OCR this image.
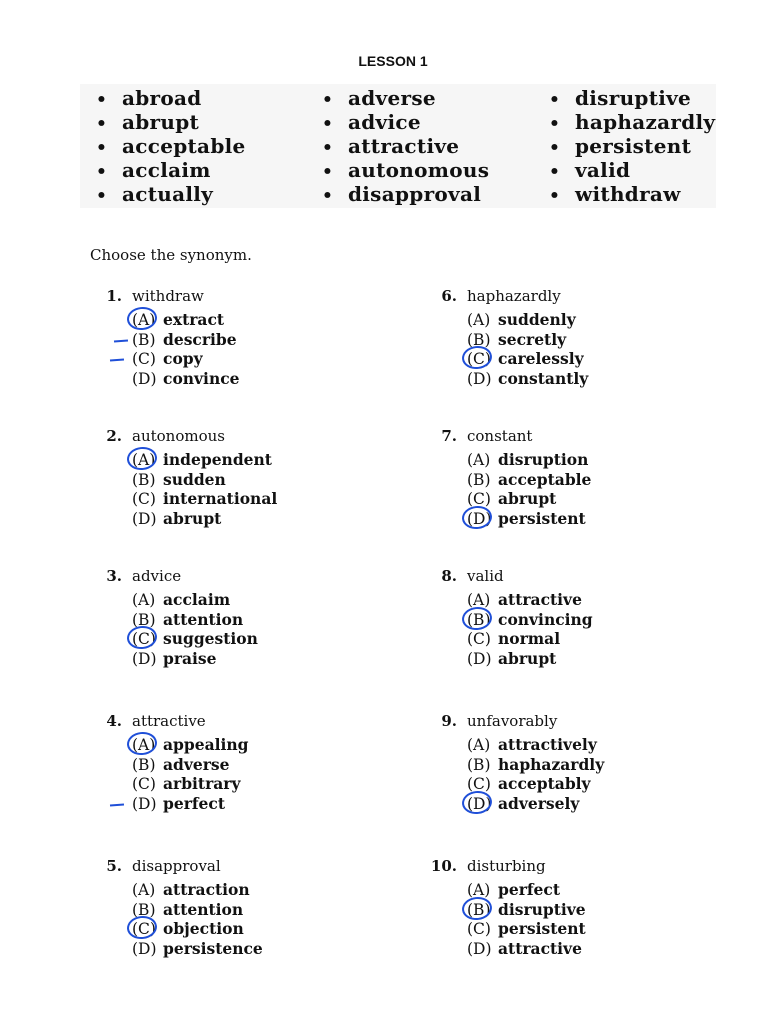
LESSON 1
• abroad
• abrupt
• acceptable
• acclaim
• actually
• adverse
• advice
• attractive
• autonomous
• disapproval
• disruptive
• haphazardly
• persistent
• valid
• withdraw
Choose the synonym.
1. withdraw
(A) extract
(B) describe
(C) copy
(D) convince
2. autonomous
(A) independent
(B) sudden
(C) international
(D) abrupt
3. advice
(A) acclaim
(B) attention
(C) suggestion
(D) praise
4. attractive
(A) appealing
(B) adverse
(C) arbitrary
(D) perfect
5. disapproval
(A) attraction
(B) attention
(C) objection
(D) persistence
6. haphazardly
(A) suddenly
(B) secretly
(C) carelessly
(D) constantly
7. constant
(A) disruption
(B) acceptable
(C) abrupt
(D) persistent
8. valid
(A) attractive
(B) convincing
(C) normal
(D) abrupt
9. unfavorably
(A) attractively
(B) haphazardly
(C) acceptably
(D) adversely
10. disturbing
(A) perfect
(B) disruptive
(C) persistent
(D) attractive
